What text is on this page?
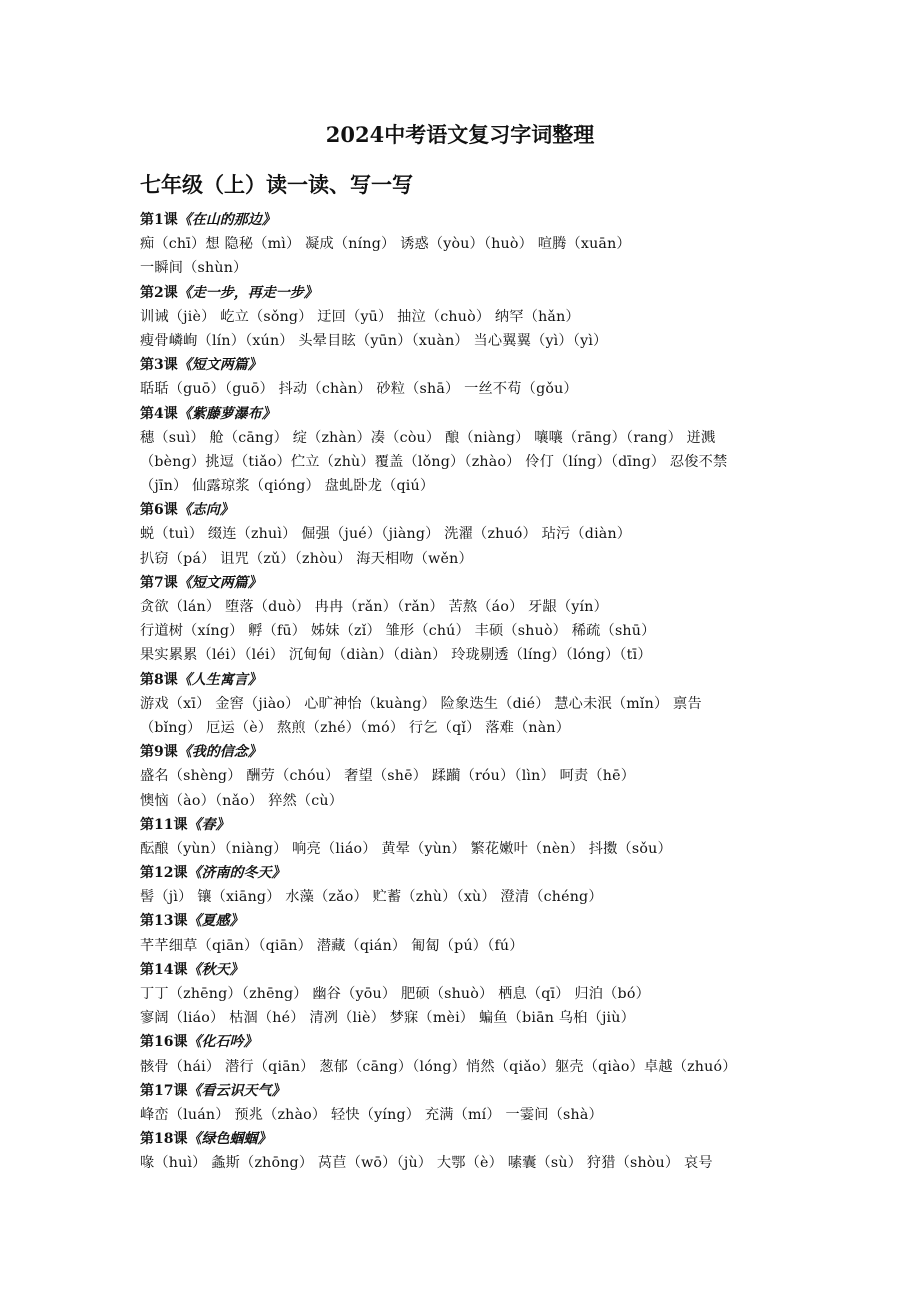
2024中考语文复习字词整理
七年级（上）读一读、写一写
第1课《在山的那边》
痴（chī）想 隐秘（mì） 凝成（níng） 诱惑（yòu）（huò） 喧腾（xuān）
一瞬间（shùn）
第2课《走一步，再走一步》
训诫（jiè） 屹立（sǒng） 迂回（yū） 抽泣（chuò） 纳罕（hǎn）
瘦骨嶙峋（lín）（xún） 头晕目眩（yūn）（xuàn） 当心翼翼（yì）（yì）
第3课《短文两篇》
聒聒（guō）（guō） 抖动（chàn） 砂粒（shā） 一丝不苟（gǒu）
第4课《紫藤萝瀑布》
穗（suì） 舱（cāng） 绽（zhàn）凑（còu） 酿（niàng） 嚷嚷（rāng）（rang） 迸溅
（bèng）挑逗（tiǎo）伫立（zhù）覆盖（lǒng）（zhào） 伶仃（líng）（dīng） 忍俊不禁
（jīn） 仙露琼浆（qióng） 盘虬卧龙（qiú）
第6课《志向》
蜕（tuì） 缀连（zhuì） 倔强（jué）（jiàng） 洗濯（zhuó） 玷污（diàn）
扒窃（pá） 诅咒（zǔ）（zhòu） 海天相吻（wěn）
第7课《短文两篇》
贪欲（lán） 堕落（duò） 冉冉（rǎn）（rǎn） 苦熬（áo） 牙龈（yín）
行道树（xíng） 孵（fū） 姊妹（zǐ） 雏形（chú） 丰硕（shuò） 稀疏（shū）
果实累累（léi）（léi） 沉甸甸（diàn）（diàn） 玲珑剔透（líng）（lóng）（tī）
第8课《人生寓言》
游戏（xī） 金窖（jiào） 心旷神怡（kuàng） 险象迭生（dié） 慧心未泯（mǐn） 禀告
（bǐng） 厄运（è） 熬煎（zhé）（mó） 行乞（qǐ） 落难（nàn）
第9课《我的信念》
盛名（shèng） 酬劳（chóu） 奢望（shē） 蹂躏（róu）（lìn） 呵责（hē）
懊恼（ào）（nǎo） 猝然（cù）
第11课《春》
酝酿（yùn）（niàng） 响亮（liáo） 黄晕（yùn） 繁花嫩叶（nèn） 抖擞（sǒu）
第12课《济南的冬天》
髻（jì） 镶（xiāng） 水藻（zǎo） 贮蓄（zhù）（xù） 澄清（chéng）
第13课《夏感》
芊芊细草（qiān）（qiān） 潜藏（qián） 匍匐（pú）（fú）
第14课《秋天》
丁丁（zhēng）（zhēng） 幽谷（yōu） 肥硕（shuò） 栖息（qī） 归泊（bó）
寥阔（liáo） 枯涸（hé） 清冽（liè） 梦寐（mèi） 蝙鱼（biān 乌桕（jiù）
第16课《化石吟》
骸骨（hái） 潜行（qiān） 葱郁（cāng）（lóng）悄然（qiǎo）躯壳（qiào）卓越（zhuó）
第17课《看云识天气》
峰峦（luán） 预兆（zhào） 轻快（yíng） 充满（mí） 一霎间（shà）
第18课《绿色蝈蝈》
喙（huì） 螽斯（zhōng） 莴苣（wō）（jù） 大鄂（è） 嗉囊（sù） 狩猎（shòu） 哀号
